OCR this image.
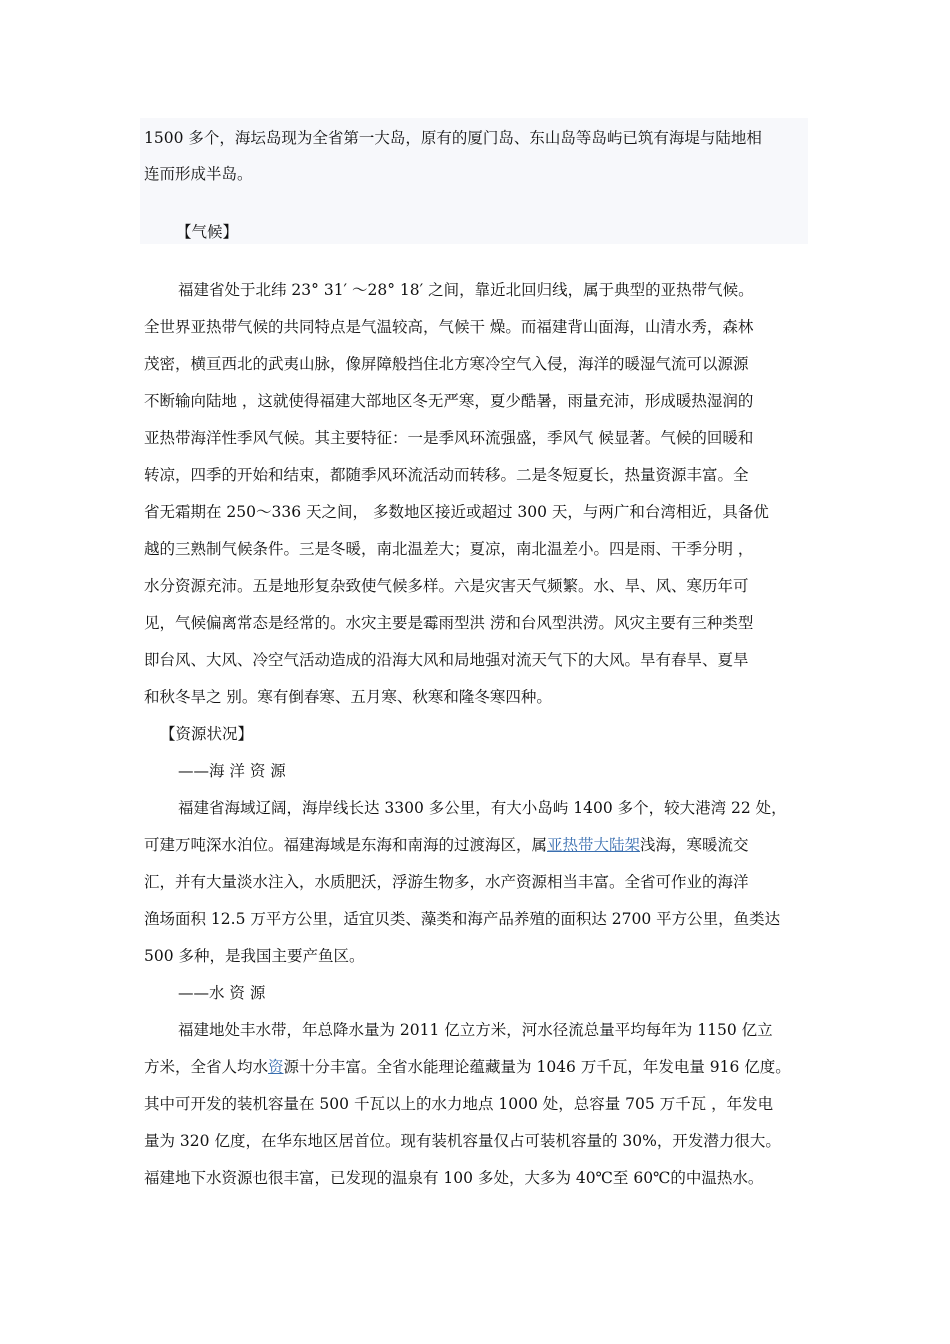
1500 多个，海坛岛现为全省第一大岛，原有的厦门岛、东山岛等岛屿已筑有海堤与陆地相
连而形成半岛。
【气候】
福建省处于北纬 23° 31′ ～28° 18′ 之间，靠近北回归线，属于典型的亚热带气候。
全世界亚热带气候的共同特点是气温较高，气候干 燥。而福建背山面海，山清水秀，森林
茂密，横亘西北的武夷山脉，像屏障般挡住北方寒冷空气入侵，海洋的暖湿气流可以源源
不断输向陆地 ，这就使得福建大部地区冬无严寒，夏少酷暑，雨量充沛，形成暖热湿润的
亚热带海洋性季风气候。其主要特征：一是季风环流强盛，季风气 候显著。气候的回暖和
转凉，四季的开始和结束，都随季风环流活动而转移。二是冬短夏长，热量资源丰富。全
省无霜期在 250～336 天之间， 多数地区接近或超过 300 天，与两广和台湾相近，具备优
越的三熟制气候条件。三是冬暖，南北温差大；夏凉，南北温差小。四是雨、干季分明 ，
水分资源充沛。五是地形复杂致使气候多样。六是灾害天气频繁。水、旱、风、寒历年可
见，气候偏离常态是经常的。水灾主要是霉雨型洪 涝和台风型洪涝。风灾主要有三种类型
即台风、大风、冷空气活动造成的沿海大风和局地强对流天气下的大风。旱有春旱、夏旱
和秋冬旱之 别。寒有倒春寒、五月寒、秋寒和隆冬寒四种。
【资源状况】
——海 洋 资 源
福建省海域辽阔，海岸线长达 3300 多公里，有大小岛屿 1400 多个，较大港湾 22 处，
可建万吨深水泊位。福建海域是东海和南海的过渡海区，属亚热带大陆架浅海，寒暖流交
汇，并有大量淡水注入，水质肥沃，浮游生物多，水产资源相当丰富。全省可作业的海洋
渔场面积 12.5 万平方公里，适宜贝类、藻类和海产品养殖的面积达 2700 平方公里，鱼类达
500 多种，是我国主要产鱼区。
——水 资 源
福建地处丰水带，年总降水量为 2011 亿立方米，河水径流总量平均每年为 1150 亿立
方米，全省人均水资源十分丰富。全省水能理论蕴藏量为 1046 万千瓦，年发电量 916 亿度。
其中可开发的装机容量在 500 千瓦以上的水力地点 1000 处，总容量 705 万千瓦 ，年发电
量为 320 亿度，在华东地区居首位。现有装机容量仅占可装机容量的 30%，开发潜力很大。
福建地下水资源也很丰富，已发现的温泉有 100 多处，大多为 40℃至 60℃的中温热水。
